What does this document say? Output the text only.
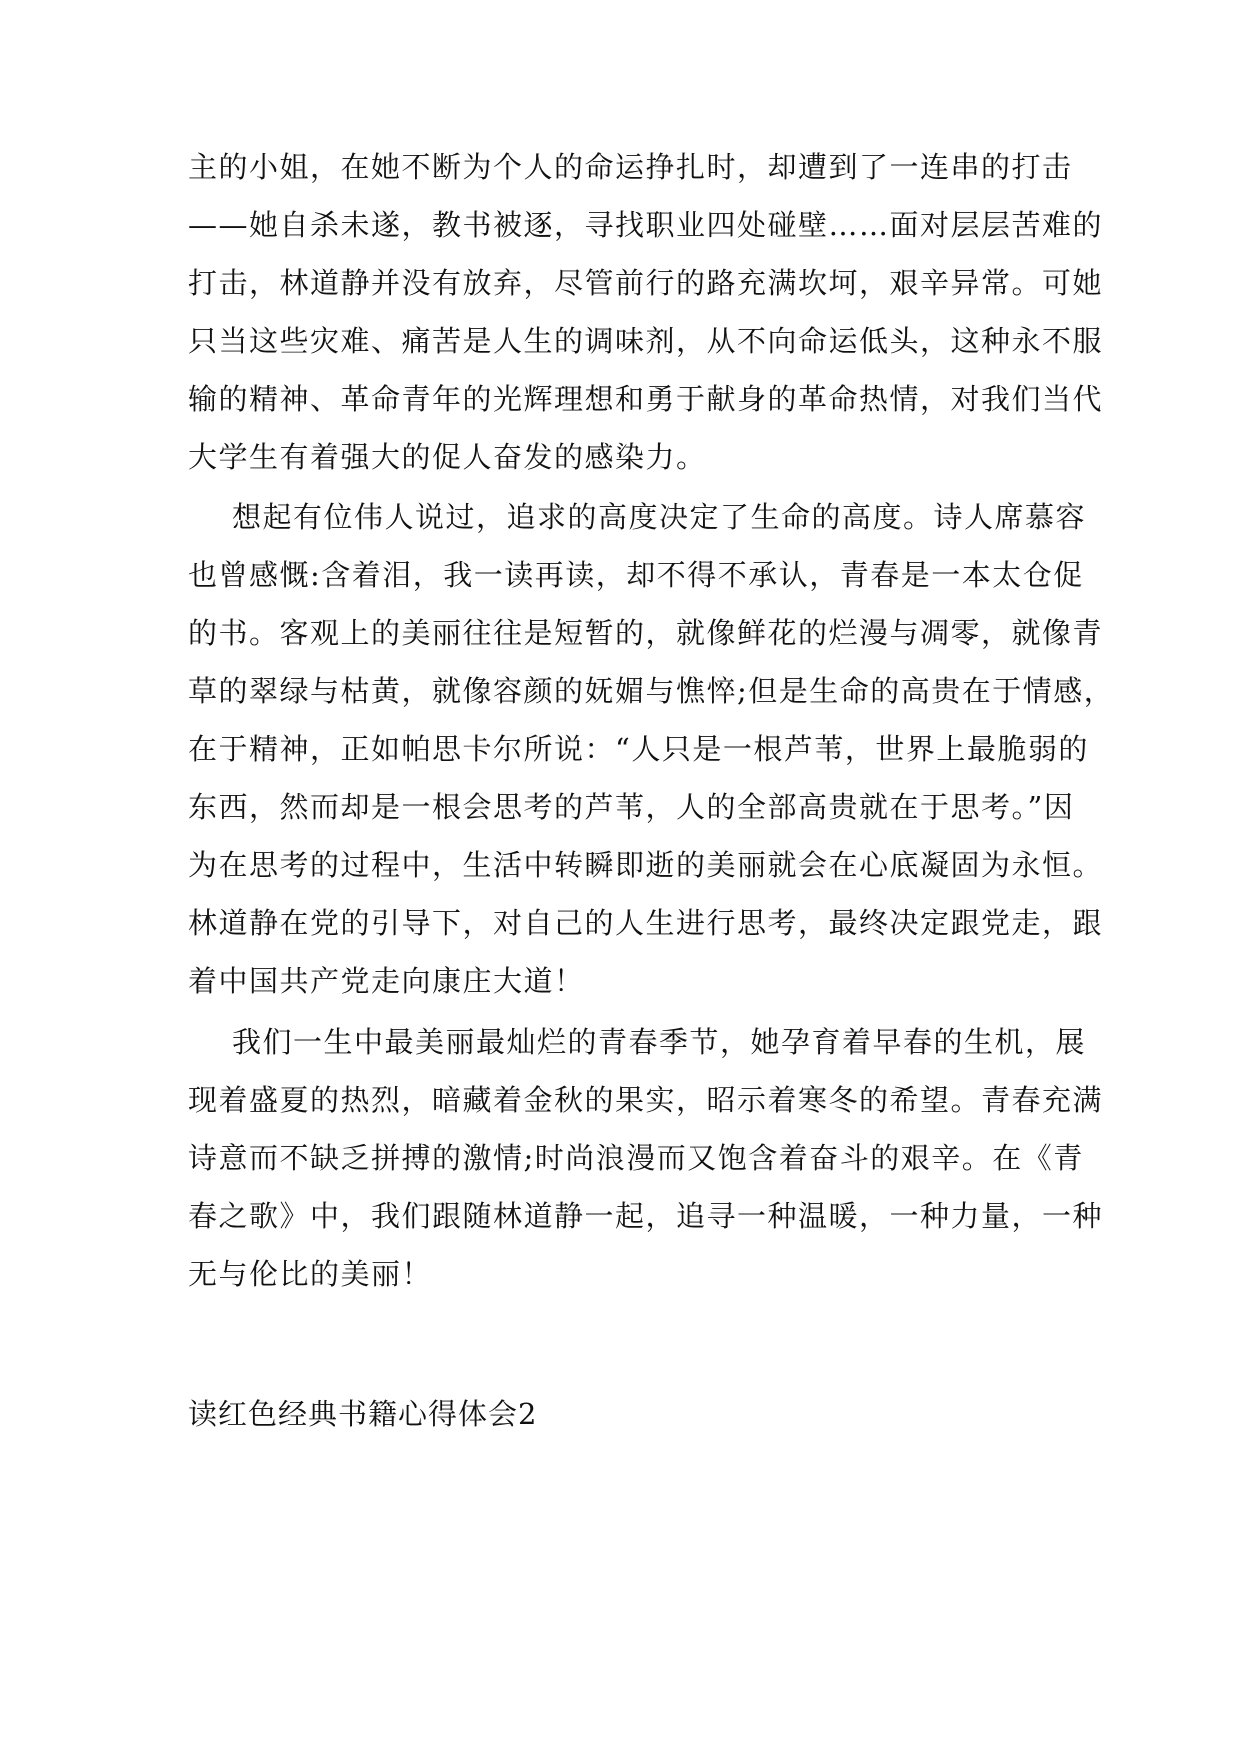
主的小姐，在她不断为个人的命运挣扎时，却遭到了一连串的打击
——她自杀未遂，教书被逐，寻找职业四处碰壁……面对层层苦难的
打击，林道静并没有放弃，尽管前行的路充满坎坷，艰辛异常。可她
只当这些灾难、痛苦是人生的调味剂，从不向命运低头，这种永不服
输的精神、革命青年的光辉理想和勇于献身的革命热情，对我们当代
大学生有着强大的促人奋发的感染力。
想起有位伟人说过，追求的高度决定了生命的高度。诗人席慕容
也曾感慨:含着泪，我一读再读，却不得不承认，青春是一本太仓促
的书。客观上的美丽往往是短暂的，就像鲜花的烂漫与凋零，就像青
草的翠绿与枯黄，就像容颜的妩媚与憔悴;但是生命的高贵在于情感，
在于精神，正如帕思卡尔所说：“人只是一根芦苇，世界上最脆弱的
东西，然而却是一根会思考的芦苇，人的全部高贵就在于思考。”因
为在思考的过程中，生活中转瞬即逝的美丽就会在心底凝固为永恒。
林道静在党的引导下，对自己的人生进行思考，最终决定跟党走，跟
着中国共产党走向康庄大道！
我们一生中最美丽最灿烂的青春季节，她孕育着早春的生机，展
现着盛夏的热烈，暗藏着金秋的果实，昭示着寒冬的希望。青春充满
诗意而不缺乏拼搏的激情;时尚浪漫而又饱含着奋斗的艰辛。在《青
春之歌》中，我们跟随林道静一起，追寻一种温暖，一种力量，一种
无与伦比的美丽！
读红色经典书籍心得体会2
